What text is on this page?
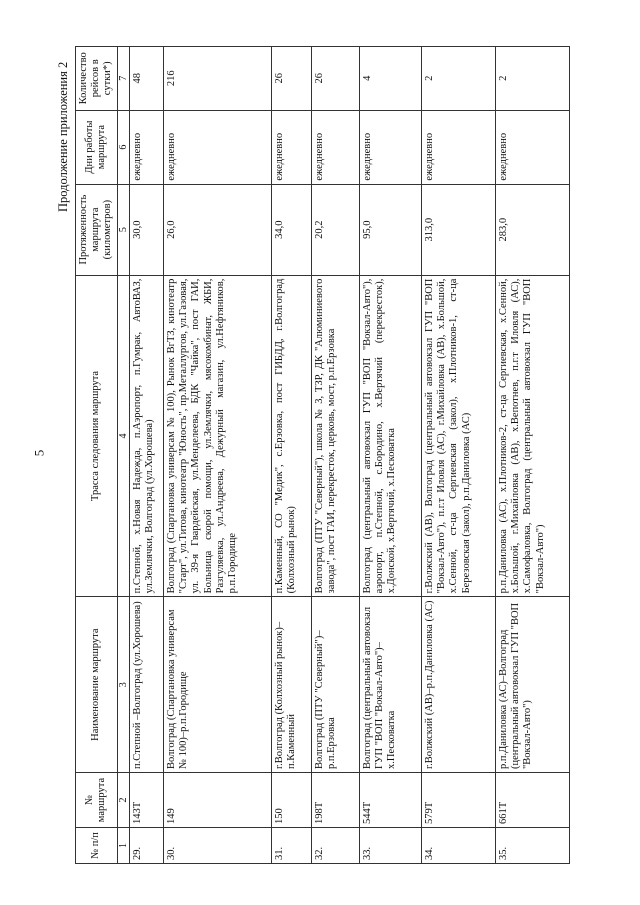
5
Продолжение приложения 2
№ п/п	№ маршрута	Наименование маршрута	Трасса следования маршрута	Протяженность маршрута (километров)	Дни работы маршрута	Количество рейсов в сутки*)
1	2	3	4	5	6	7
29.	143Т	п.Степной –Волгоград (ул.Хорошева)	п.Степной, х.Новая Надежда, п.Аэропорт, п.Гумрак, АвтоВАЗ, ул.Землячки, Волгоград (ул.Хорошева)	30,0	ежедневно	48
30.	149	Волгоград (Спартановка универсам № 100)–р.п.Городище	Волгоград (Спартановка универсам № 100), Рынок ВгТЗ, кинотеатр "Старт", ул.Титова, кинотеатр "Юность", пр.Металлургов, ул.Газовая, ул. 39-я Гвардейская, ул.Менделеева, БДК "Чайка", пост ГАИ, Больница скорой помощи, ул.Землячки, мясокомбинат, ЖБИ, Разгуляевка, ул.Андреева, Дежурный магазин, ул.Нефтяников, р.п.Городище	26,0	ежедневно	216
31.	150	г.Волгоград (Колхозный рынок)–п.Каменный	п.Каменный, СО "Медик", с.Ерзовка, пост ГИБДД, г.Волгоград (Колхозный рынок)	34,0	ежедневно	26
32.	198Т	Волгоград (ПТУ "Северный")–р.п.Ерзовка	Волгоград (ПТУ "Северный"), школа № 3, ТЗР, ДК "Алюминиевого завода", пост ГАИ, перекресток, церковь, мост, р.п.Ерзовка	20,2	ежедневно	26
33.	544Т	Волгоград (центральный автовокзал ГУП "ВОП "Вокзал-Авто")–х.Песковатка	Волгоград (центральный автовокзал ГУП "ВОП "Вокзал-Авто"), аэропорт, п.Степной, с.Бородино, х.Вертячий (перекресток), х.Донской, х.Вертячий, х.Песковатка	95,0	ежедневно	4
34.	579Т	г.Волжский (АВ)–р.п.Даниловка (АС)	г.Волжский (АВ), Волгоград (центральный автовокзал ГУП "ВОП "Вокзал-Авто"), п.г.т Иловля (АС), г.Михайловка (АВ), х.Большой, х.Сенной, ст-ца Сергиевская (закол), х.Плотников-1, ст-ца Березовская (закол), р.п.Даниловка (АС)	313,0	ежедневно	2
35.	661Т	р.п.Даниловка (АС)–Волгоград (центральный автовокзал ГУП "ВОП "Вокзал-Авто")	р.п.Даниловка (АС), х.Плотников-2, ст-ца Сергиевская, х.Сенной, х.Большой, г.Михайловка (АВ), х.Вепотнев, п.г.т Иловля (АС), х.Самофаловка, Волгоград (центральный автовокзал ГУП "ВОП "Вокзал-Авто")	283,0	ежедневно	2
